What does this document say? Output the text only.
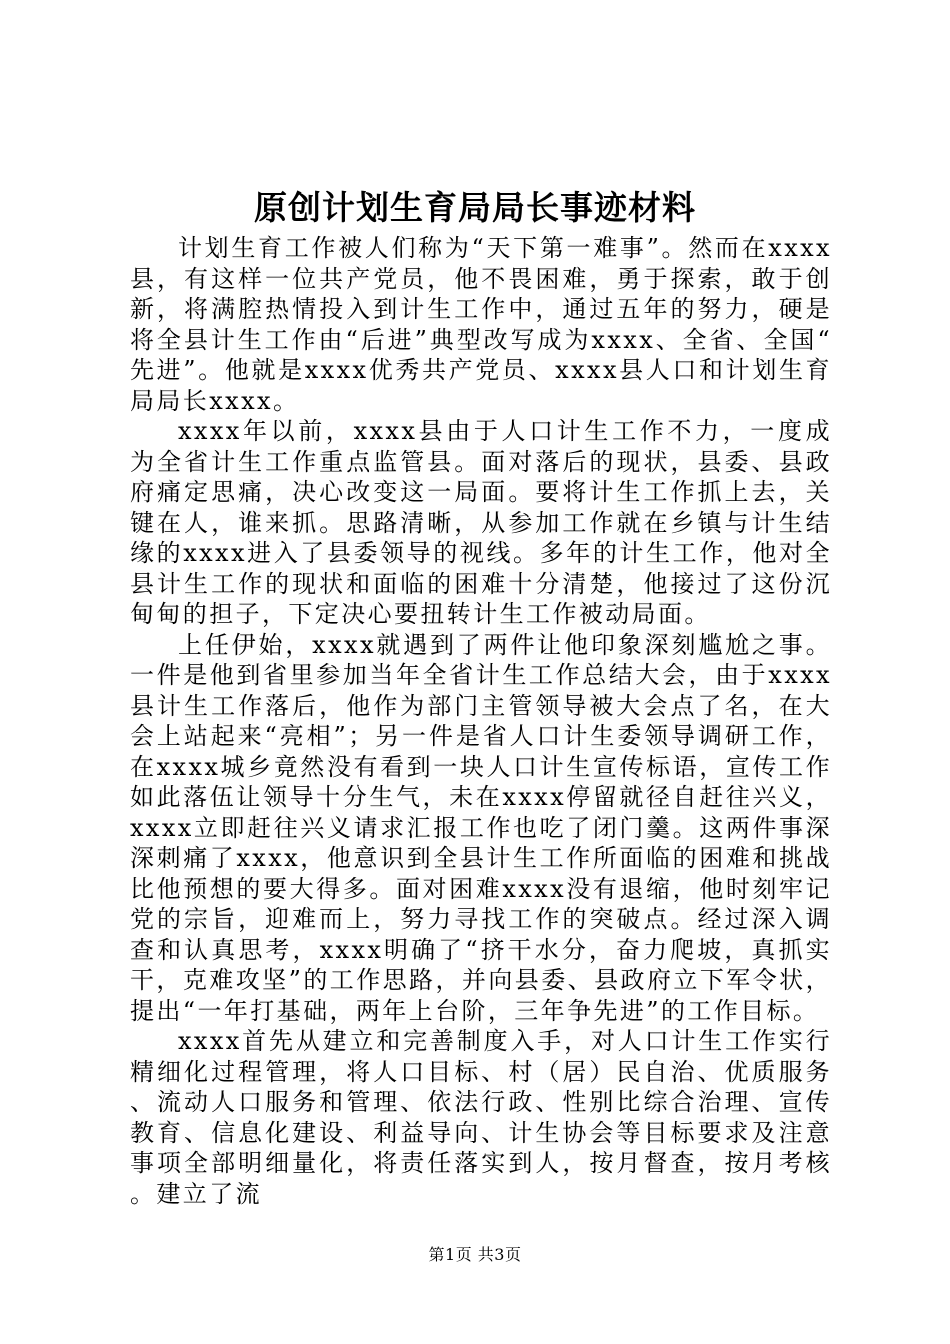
原创计划生育局局长事迹材料

计划生育工作被人们称为“天下第一难事”。然而在xxxx县，有这样一位共产党员，他不畏困难，勇于探索，敢于创新，将满腔热情投入到计生工作中，通过五年的努力，硬是将全县计生工作由“后进”典型改写成为xxxx、全省、全国“先进”。他就是xxxx优秀共产党员、xxxx县人口和计划生育局局长xxxx。

xxxx年以前，xxxx县由于人口计生工作不力，一度成为全省计生工作重点监管县。面对落后的现状，县委、县政府痛定思痛，决心改变这一局面。要将计生工作抓上去，关键在人，谁来抓。思路清晰，从参加工作就在乡镇与计生结缘的xxxx进入了县委领导的视线。多年的计生工作，他对全县计生工作的现状和面临的困难十分清楚，他接过了这份沉甸甸的担子，下定决心要扭转计生工作被动局面。

上任伊始，xxxx就遇到了两件让他印象深刻尴尬之事。一件是他到省里参加当年全省计生工作总结大会，由于xxxx县计生工作落后，他作为部门主管领导被大会点了名，在大会上站起来“亮相”；另一件是省人口计生委领导调研工作，在xxxx城乡竟然没有看到一块人口计生宣传标语，宣传工作如此落伍让领导十分生气，未在xxxx停留就径自赶往兴义，xxxx立即赶往兴义请求汇报工作也吃了闭门羹。这两件事深深刺痛了xxxx，他意识到全县计生工作所面临的困难和挑战比他预想的要大得多。面对困难xxxx没有退缩，他时刻牢记党的宗旨，迎难而上，努力寻找工作的突破点。经过深入调查和认真思考，xxxx明确了“挤干水分，奋力爬坡，真抓实干，克难攻坚”的工作思路，并向县委、县政府立下军令状，提出“一年打基础，两年上台阶，三年争先进”的工作目标。

xxxx首先从建立和完善制度入手，对人口计生工作实行精细化过程管理，将人口目标、村（居）民自治、优质服务、流动人口服务和管理、依法行政、性别比综合治理、宣传教育、信息化建设、利益导向、计生协会等目标要求及注意事项全部明细量化，将责任落实到人，按月督查，按月考核。建立了流

第1页 共3页
